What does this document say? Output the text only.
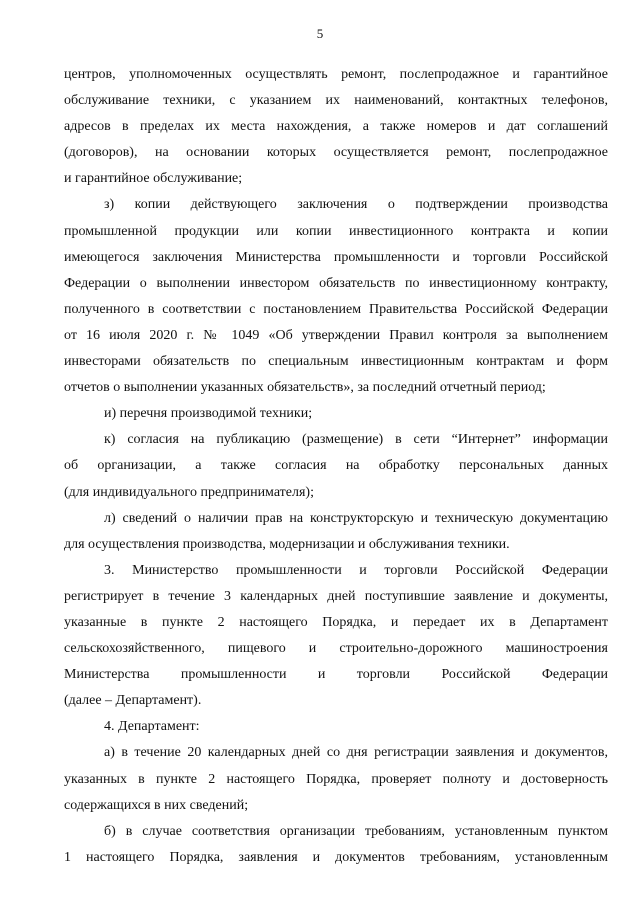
5
центров, уполномоченных осуществлять ремонт, послепродажное и гарантийное
обслуживание техники, с указанием их наименований, контактных телефонов,
адресов в пределах их места нахождения, а также номеров и дат соглашений
(договоров), на основании которых осуществляется ремонт, послепродажное
и гарантийное обслуживание;
з) копии действующего заключения о подтверждении производства
промышленной продукции или копии инвестиционного контракта и копии
имеющегося заключения Министерства промышленности и торговли Российской
Федерации о выполнении инвестором обязательств по инвестиционному контракту,
полученного в соответствии с постановлением Правительства Российской Федерации
от 16 июля 2020 г. № 1049 «Об утверждении Правил контроля за выполнением
инвесторами обязательств по специальным инвестиционным контрактам и форм
отчетов о выполнении указанных обязательств», за последний отчетный период;
и) перечня производимой техники;
к) согласия на публикацию (размещение) в сети “Интернет” информации
об организации, а также согласия на обработку персональных данных
(для индивидуального предпринимателя);
л) сведений о наличии прав на конструкторскую и техническую документацию
для осуществления производства, модернизации и обслуживания техники.
3. Министерство промышленности и торговли Российской Федерации
регистрирует в течение 3 календарных дней поступившие заявление и документы,
указанные в пункте 2 настоящего Порядка, и передает их в Департамент
сельскохозяйственного, пищевого и строительно-дорожного машиностроения
Министерства промышленности и торговли Российской Федерации
(далее – Департамент).
4. Департамент:
а) в течение 20 календарных дней со дня регистрации заявления и документов,
указанных в пункте 2 настоящего Порядка, проверяет полноту и достоверность
содержащихся в них сведений;
б) в случае соответствия организации требованиям, установленным пунктом
1 настоящего Порядка, заявления и документов требованиям, установленным
